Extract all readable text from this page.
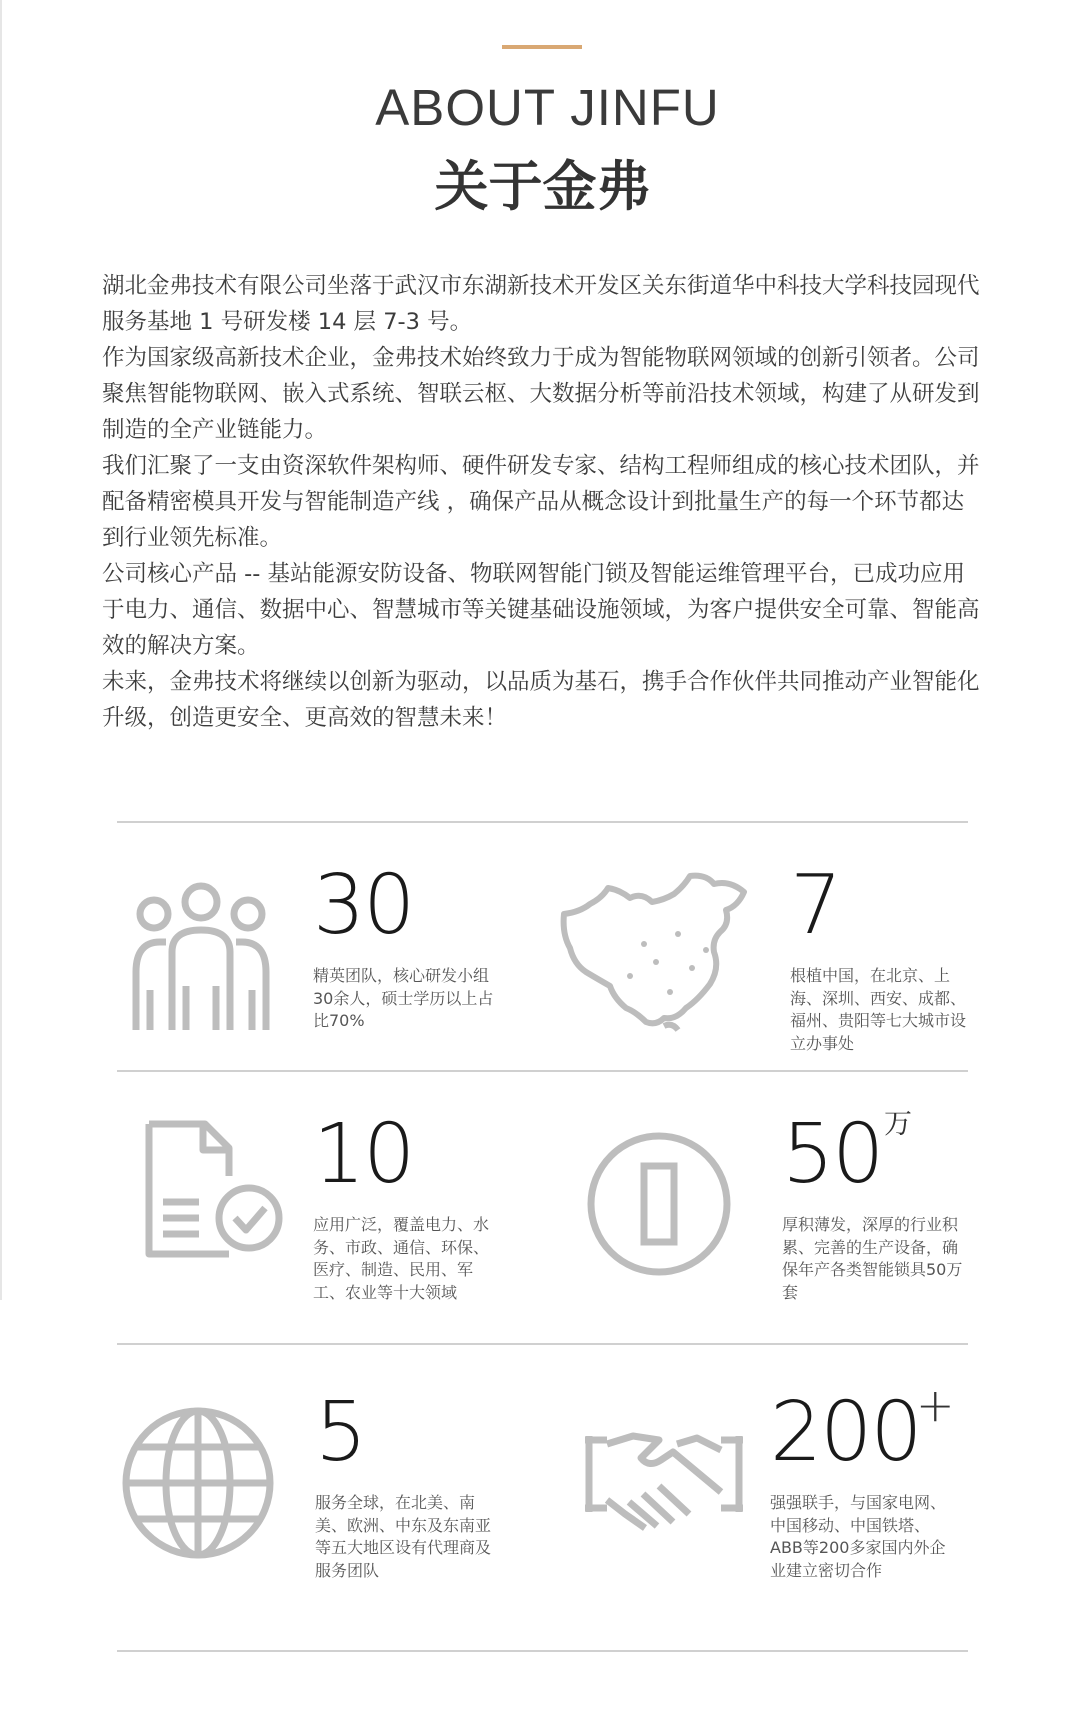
ABOUT JINFU
关于金弗

湖北金弗技术有限公司坐落于武汉市东湖新技术开发区关东街道华中科技大学科技园现代服务基地 1 号研发楼 14 层 7-3 号。

作为国家级高新技术企业，金弗技术始终致力于成为智能物联网领域的创新引领者。公司聚焦智能物联网、嵌入式系统、智联云枢、大数据分析等前沿技术领域，构建了从研发到制造的全产业链能力。

我们汇聚了一支由资深软件架构师、硬件研发专家、结构工程师组成的核心技术团队，并配备精密模具开发与智能制造产线 ，确保产品从概念设计到批量生产的每一个环节都达到行业领先标准。

公司核心产品 -- 基站能源安防设备、物联网智能门锁及智能运维管理平台，已成功应用于电力、通信、数据中心、智慧城市等关键基础设施领域，为客户提供安全可靠、智能高效的解决方案。

未来，金弗技术将继续以创新为驱动，以品质为基石，携手合作伙伴共同推动产业智能化升级，创造更安全、更高效的智慧未来！

30
精英团队，核心研发小组30余人，硕士学历以上占比70%
7
根植中国，在北京、上海、深圳、西安、成都、福州、贵阳等七大城市设立办事处
10
应用广泛，覆盖电力、水务、市政、通信、环保、医疗、制造、民用、军工、农业等十大领域
50 万
厚积薄发，深厚的行业积累、完善的生产设备，确保年产各类智能锁具50万套
5
服务全球，在北美、南美、欧洲、中东及东南亚等五大地区设有代理商及服务团队
200
+
强强联手，与国家电网、中国移动、中国铁塔、ABB等200多家国内外企业建立密切合作
